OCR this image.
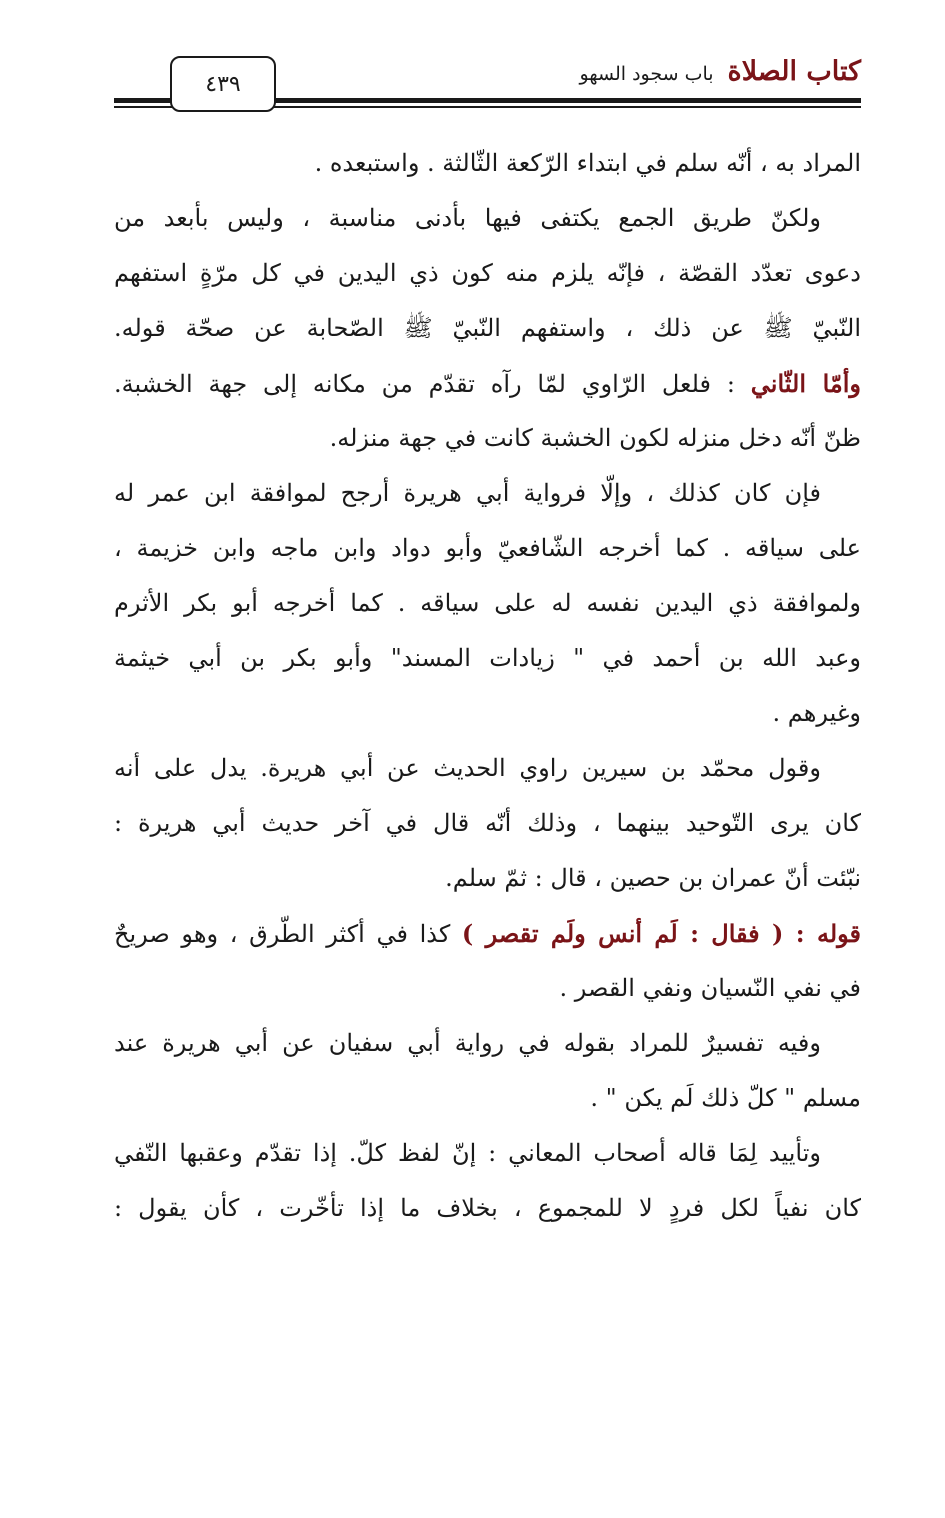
٤٣٩	كتاب الصلاة
باب سجود السهو
المراد به ، أنّه سلم في ابتداء الرّكعة الثّالثة . واستبعده .
ولكنّ طريق الجمع يكتفى فيها بأدنى مناسبة ، وليس بأبعد من
دعوى تعدّد القصّة ، فإنّه يلزم منه كون ذي اليدين في كل مرّةٍ استفهم
النّبيّ ﷺ عن ذلك ، واستفهم النّبيّ ﷺ الصّحابة عن صحّة قوله.
وأمّا الثّاني : فلعل الرّاوي لمّا رآه تقدّم من مكانه إلى جهة الخشبة.
ظنّ أنّه دخل منزله لكون الخشبة كانت في جهة منزله.
فإن كان كذلك ، وإلّا فرواية أبي هريرة أرجح لموافقة ابن عمر له
على سياقه . كما أخرجه الشّافعيّ وأبو دواد وابن ماجه وابن خزيمة ،
ولموافقة ذي اليدين نفسه له على سياقه . كما أخرجه أبو بكر الأثرم
وعبد الله بن أحمد في " زيادات المسند" وأبو بكر بن أبي خيثمة
وغيرهم .
وقول محمّد بن سيرين راوي الحديث عن أبي هريرة. يدل على أنه
كان يرى التّوحيد بينهما ، وذلك أنّه قال في آخر حديث أبي هريرة :
نبّئت أنّ عمران بن حصين ، قال : ثمّ سلم.
قوله : ( فقال : لَم أنس ولَم تقصر ) كذا في أكثر الطّرق ، وهو صريحٌ
في نفي النّسيان ونفي القصر .
وفيه تفسيرٌ للمراد بقوله في رواية أبي سفيان عن أبي هريرة عند
مسلم " كلّ ذلك لَم يكن " .
وتأييد لِمَا قاله أصحاب المعاني : إنّ لفظ كلّ. إذا تقدّم وعقبها النّفي
كان نفياً لكل فردٍ لا للمجموع ، بخلاف ما إذا تأخّرت ، كأن يقول :
